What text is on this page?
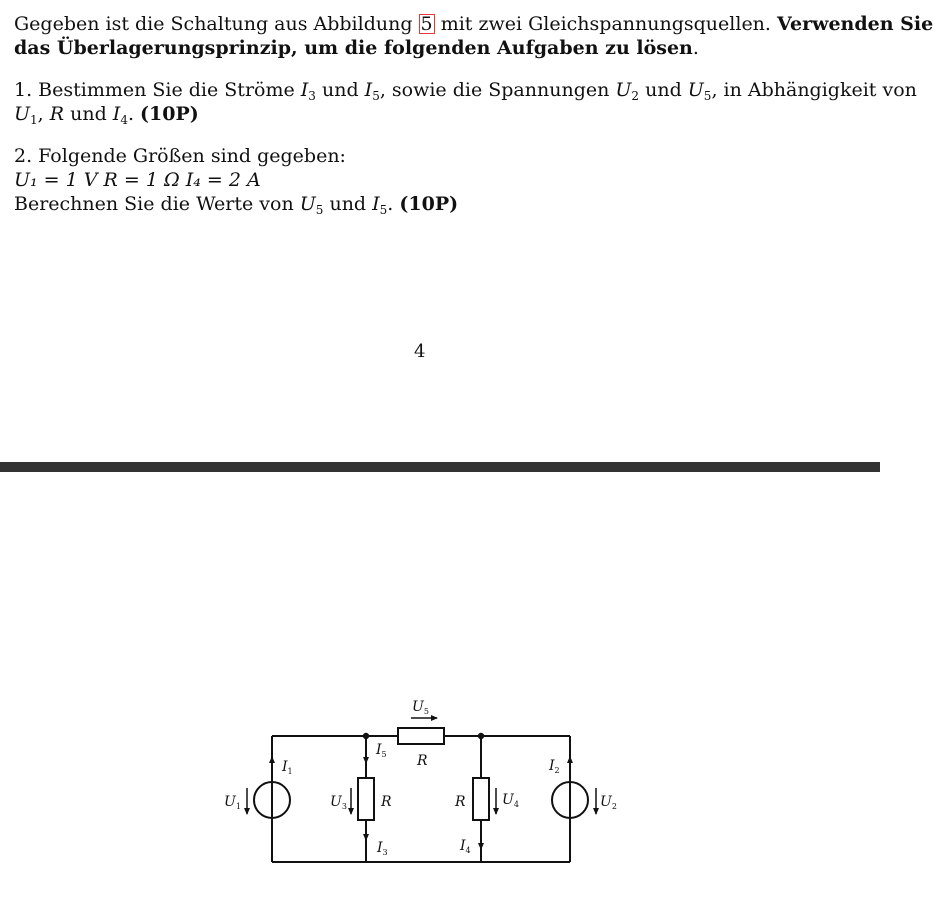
Gegeben ist die Schaltung aus Abbildung 5 mit zwei Gleichspannungsquellen. Verwenden Sie
das Überlagerungsprinzip, um die folgenden Aufgaben zu lösen.
1. Bestimmen Sie die Ströme $I_3$ und $I_5$, sowie die Spannungen $U_2$ und $U_5$, in Abhängigkeit von
$U_1$, R und $I_4$. (10P)
2. Folgende Größen sind gegeben:
U₁ = 1 V R = 1 Ω I₄ = 2 A
Berechnen Sie die Werte von $U_5$ und $I_5$. (10P)
4
$U_5$
R
$I_5$
$I_1$	$I_2$
$U_1$	$U_3$ R	R	$U_4$	$U_2$
$I_3$	$I_4$
